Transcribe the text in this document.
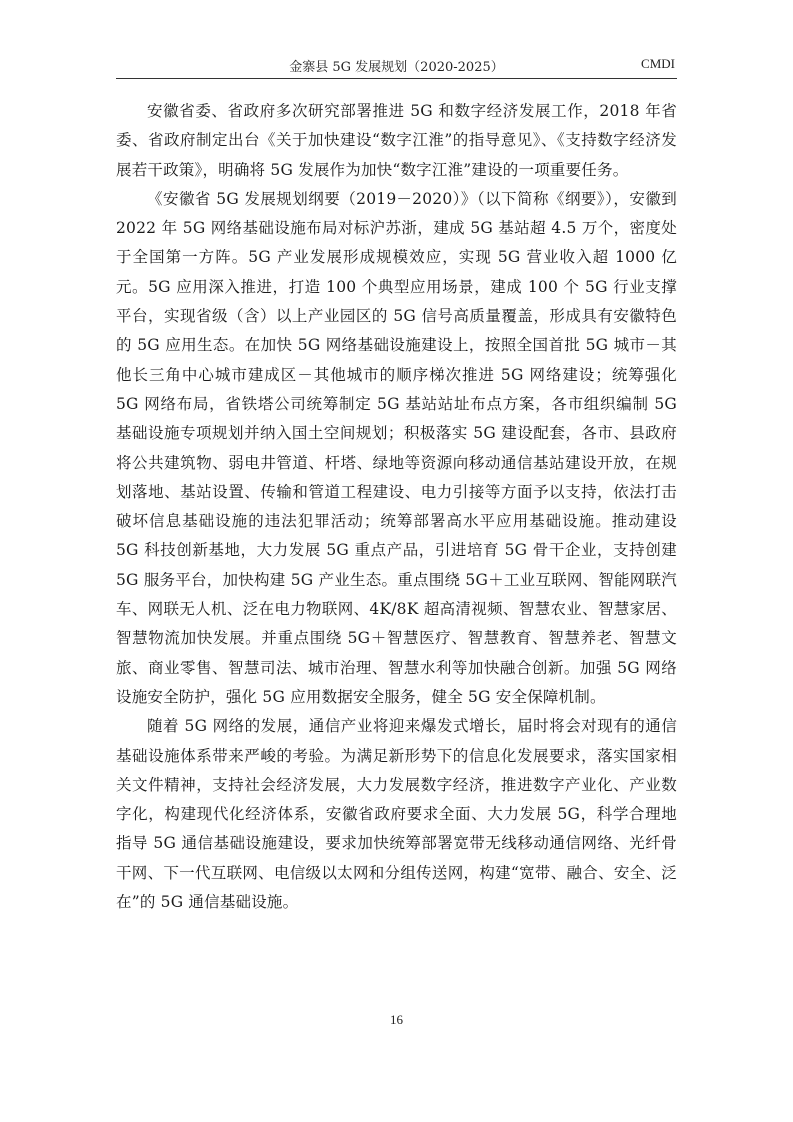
金寨县 5G 发展规划（2020-2025）	CMDI

安徽省委、省政府多次研究部署推进 5G 和数字经济发展工作，2018 年省委、省政府制定出台《关于加快建设“数字江淮”的指导意见》、《支持数字经济发展若干政策》，明确将 5G 发展作为加快“数字江淮”建设的一项重要任务。

《安徽省 5G 发展规划纲要（2019－2020）》（以下简称《纲要》），安徽到 2022 年 5G 网络基础设施布局对标沪苏浙，建成 5G 基站超 4.5 万个，密度处于全国第一方阵。5G 产业发展形成规模效应，实现 5G 营业收入超 1000 亿元。5G 应用深入推进，打造 100 个典型应用场景，建成 100 个 5G 行业支撑平台，实现省级（含）以上产业园区的 5G 信号高质量覆盖，形成具有安徽特色的 5G 应用生态。在加快 5G 网络基础设施建设上，按照全国首批 5G 城市－其他长三角中心城市建成区－其他城市的顺序梯次推进 5G 网络建设；统筹强化 5G 网络布局，省铁塔公司统筹制定 5G 基站站址布点方案，各市组织编制 5G 基础设施专项规划并纳入国土空间规划；积极落实 5G 建设配套，各市、县政府将公共建筑物、弱电井管道、杆塔、绿地等资源向移动通信基站建设开放，在规划落地、基站设置、传输和管道工程建设、电力引接等方面予以支持，依法打击破坏信息基础设施的违法犯罪活动；统筹部署高水平应用基础设施。推动建设 5G 科技创新基地，大力发展 5G 重点产品，引进培育 5G 骨干企业，支持创建 5G 服务平台，加快构建 5G 产业生态。重点围绕 5G＋工业互联网、智能网联汽车、网联无人机、泛在电力物联网、4K/8K 超高清视频、智慧农业、智慧家居、智慧物流加快发展。并重点围绕 5G＋智慧医疗、智慧教育、智慧养老、智慧文旅、商业零售、智慧司法、城市治理、智慧水利等加快融合创新。加强 5G 网络设施安全防护，强化 5G 应用数据安全服务，健全 5G 安全保障机制。

随着 5G 网络的发展，通信产业将迎来爆发式增长，届时将会对现有的通信基础设施体系带来严峻的考验。为满足新形势下的信息化发展要求，落实国家相关文件精神，支持社会经济发展，大力发展数字经济，推进数字产业化、产业数字化，构建现代化经济体系，安徽省政府要求全面、大力发展 5G，科学合理地指导 5G 通信基础设施建设，要求加快统筹部署宽带无线移动通信网络、光纤骨干网、下一代互联网、电信级以太网和分组传送网，构建“宽带、融合、安全、泛在”的 5G 通信基础设施。

16
